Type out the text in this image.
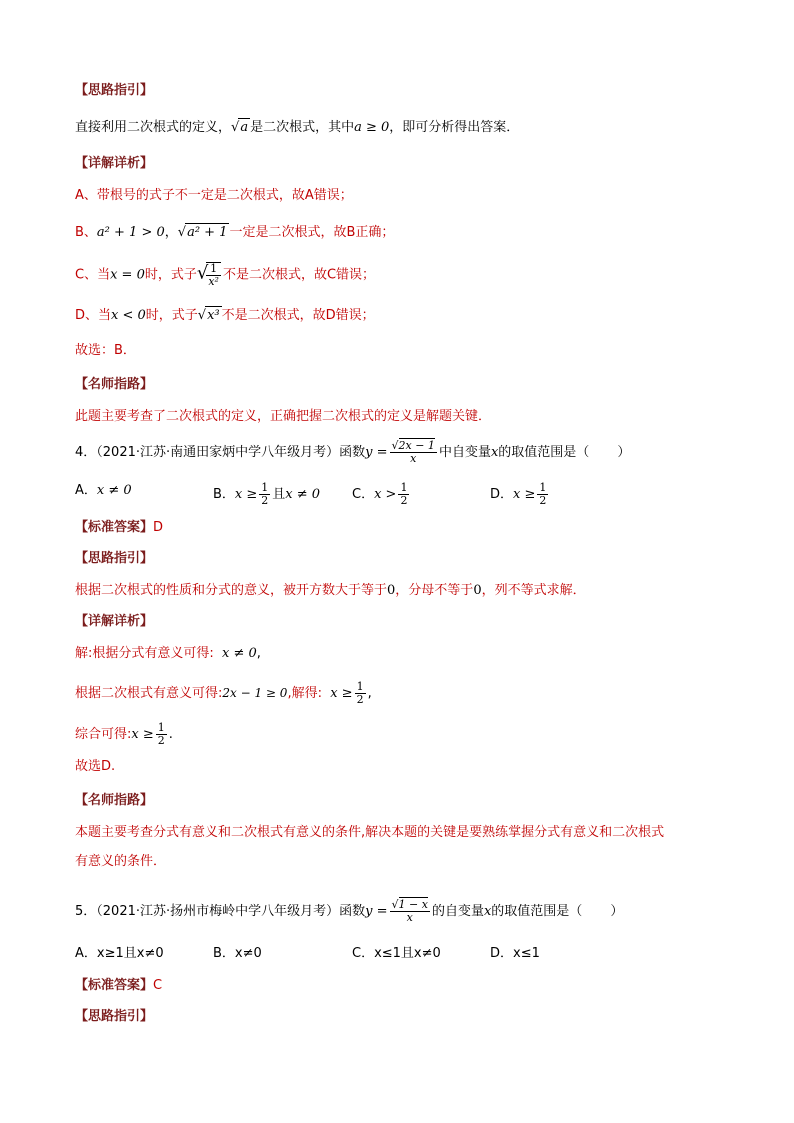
【思路指引】
直接利用二次根式的定义，√a 是二次根式，其中a ≥ 0，即可分析得出答案．
【详解详析】
A、带根号的式子不一定是二次根式，故A错误；
B、a² + 1 > 0，√a² + 1 一定是二次根式，故B正确；
C、当x = 0时，式子√
$\frac{1}{\text{x²}}$ 不是二次根式，故C错误；
D、当x < 0时，式子√x³ 不是二次根式，故D错误；
故选：B．
【名师指路】
此题主要考查了二次根式的定义，正确把握二次根式的定义是解题关键．
4．（2021·江苏·南通田家炳中学八年级月考）函数$y = \frac{√2x - 1}{x}$ 中自变量x的取值范围是（ ）
A．x ≠ 0	B．$x \ge \frac{1}{2}$ 且x ≠ 0 C．$x > \frac{1}{2}$	D．$x \ge \frac{1}{2}$
【标准答案】D
【思路指引】
根据二次根式的性质和分式的意义，被开方数大于等于0，分母不等于0，列不等式求解．
【详解详析】
解:根据分式有意义可得: x ≠ 0,
根据二次根式有意义可得:2x − 1 ≥ 0,解得: $x \ge \frac{1}{2}$ ,
综合可得:x ≥ $\frac{1}{2}$ .
故选D.
【名师指路】
本题主要考查分式有意义和二次根式有意义的条件,解决本题的关键是要熟练掌握分式有意义和二次根式
有意义的条件．
5．（2021·江苏·扬州市梅岭中学八年级月考）函数$y = \frac{√1 - x}{x}$ 的自变量x的取值范围是（ ）
A．x≥1且x≠0	B．x≠0	C．x≤1且x≠0	D．x≤1
【标准答案】C
【思路指引】
